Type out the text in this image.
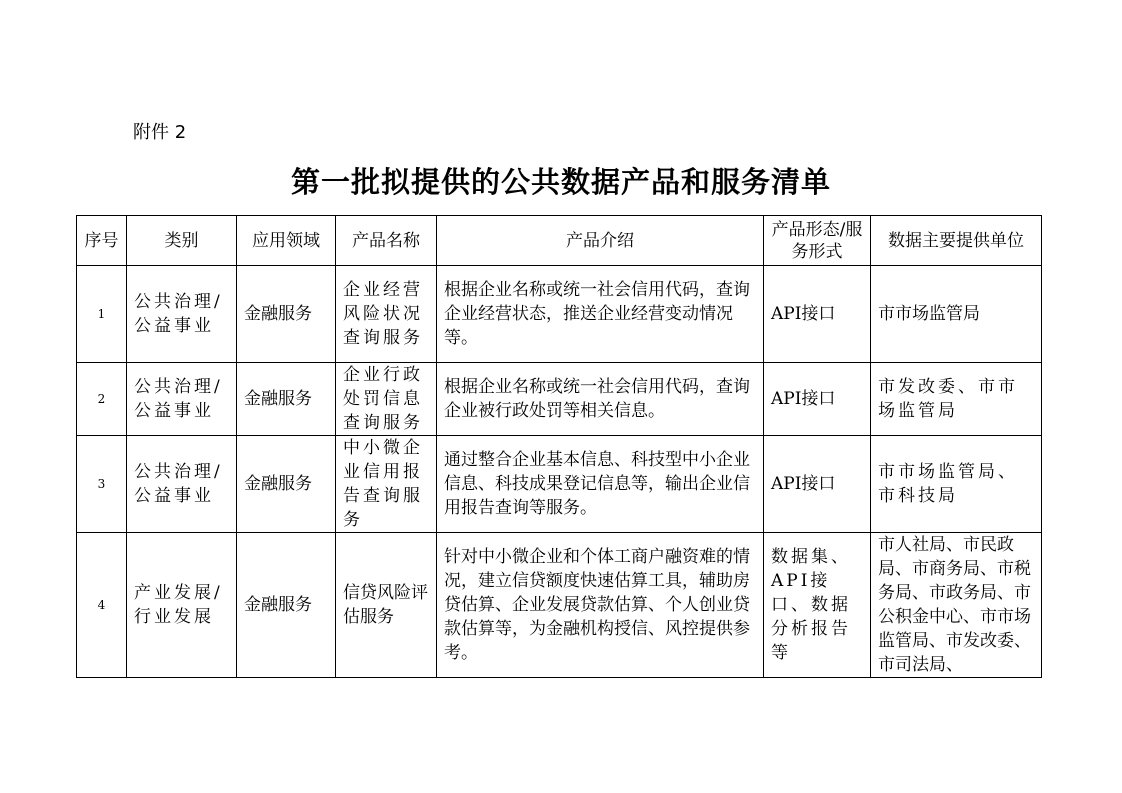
附件 2
第一批拟提供的公共数据产品和服务清单
序号	类别	应用领域	产品名称	产品介绍	产品形态/服务形式	数据主要提供单位
1	公共治理/公益事业	金融服务	企业经营风险状况查询服务	根据企业名称或统一社会信用代码，查询企业经营状态，推送企业经营变动情况等。	API接口	市市场监管局
2	公共治理/公益事业	金融服务	企业行政处罚信息查询服务	根据企业名称或统一社会信用代码，查询企业被行政处罚等相关信息。	API接口	市发改委、市市场监管局
3	公共治理/公益事业	金融服务	中小微企业信用报告查询服务	通过整合企业基本信息、科技型中小企业信息、科技成果登记信息等，输出企业信用报告查询等服务。	API接口	市市场监管局、市科技局
4	产业发展/行业发展	金融服务	信贷风险评估服务	针对中小微企业和个体工商户融资难的情况，建立信贷额度快速估算工具，辅助房贷估算、企业发展贷款估算、个人创业贷款估算等，为金融机构授信、风控提供参考。	数据集、API接口、数据分析报告等	市人社局、市民政局、市商务局、市税务局、市政务局、市公积金中心、市市场监管局、市发改委、市司法局、
